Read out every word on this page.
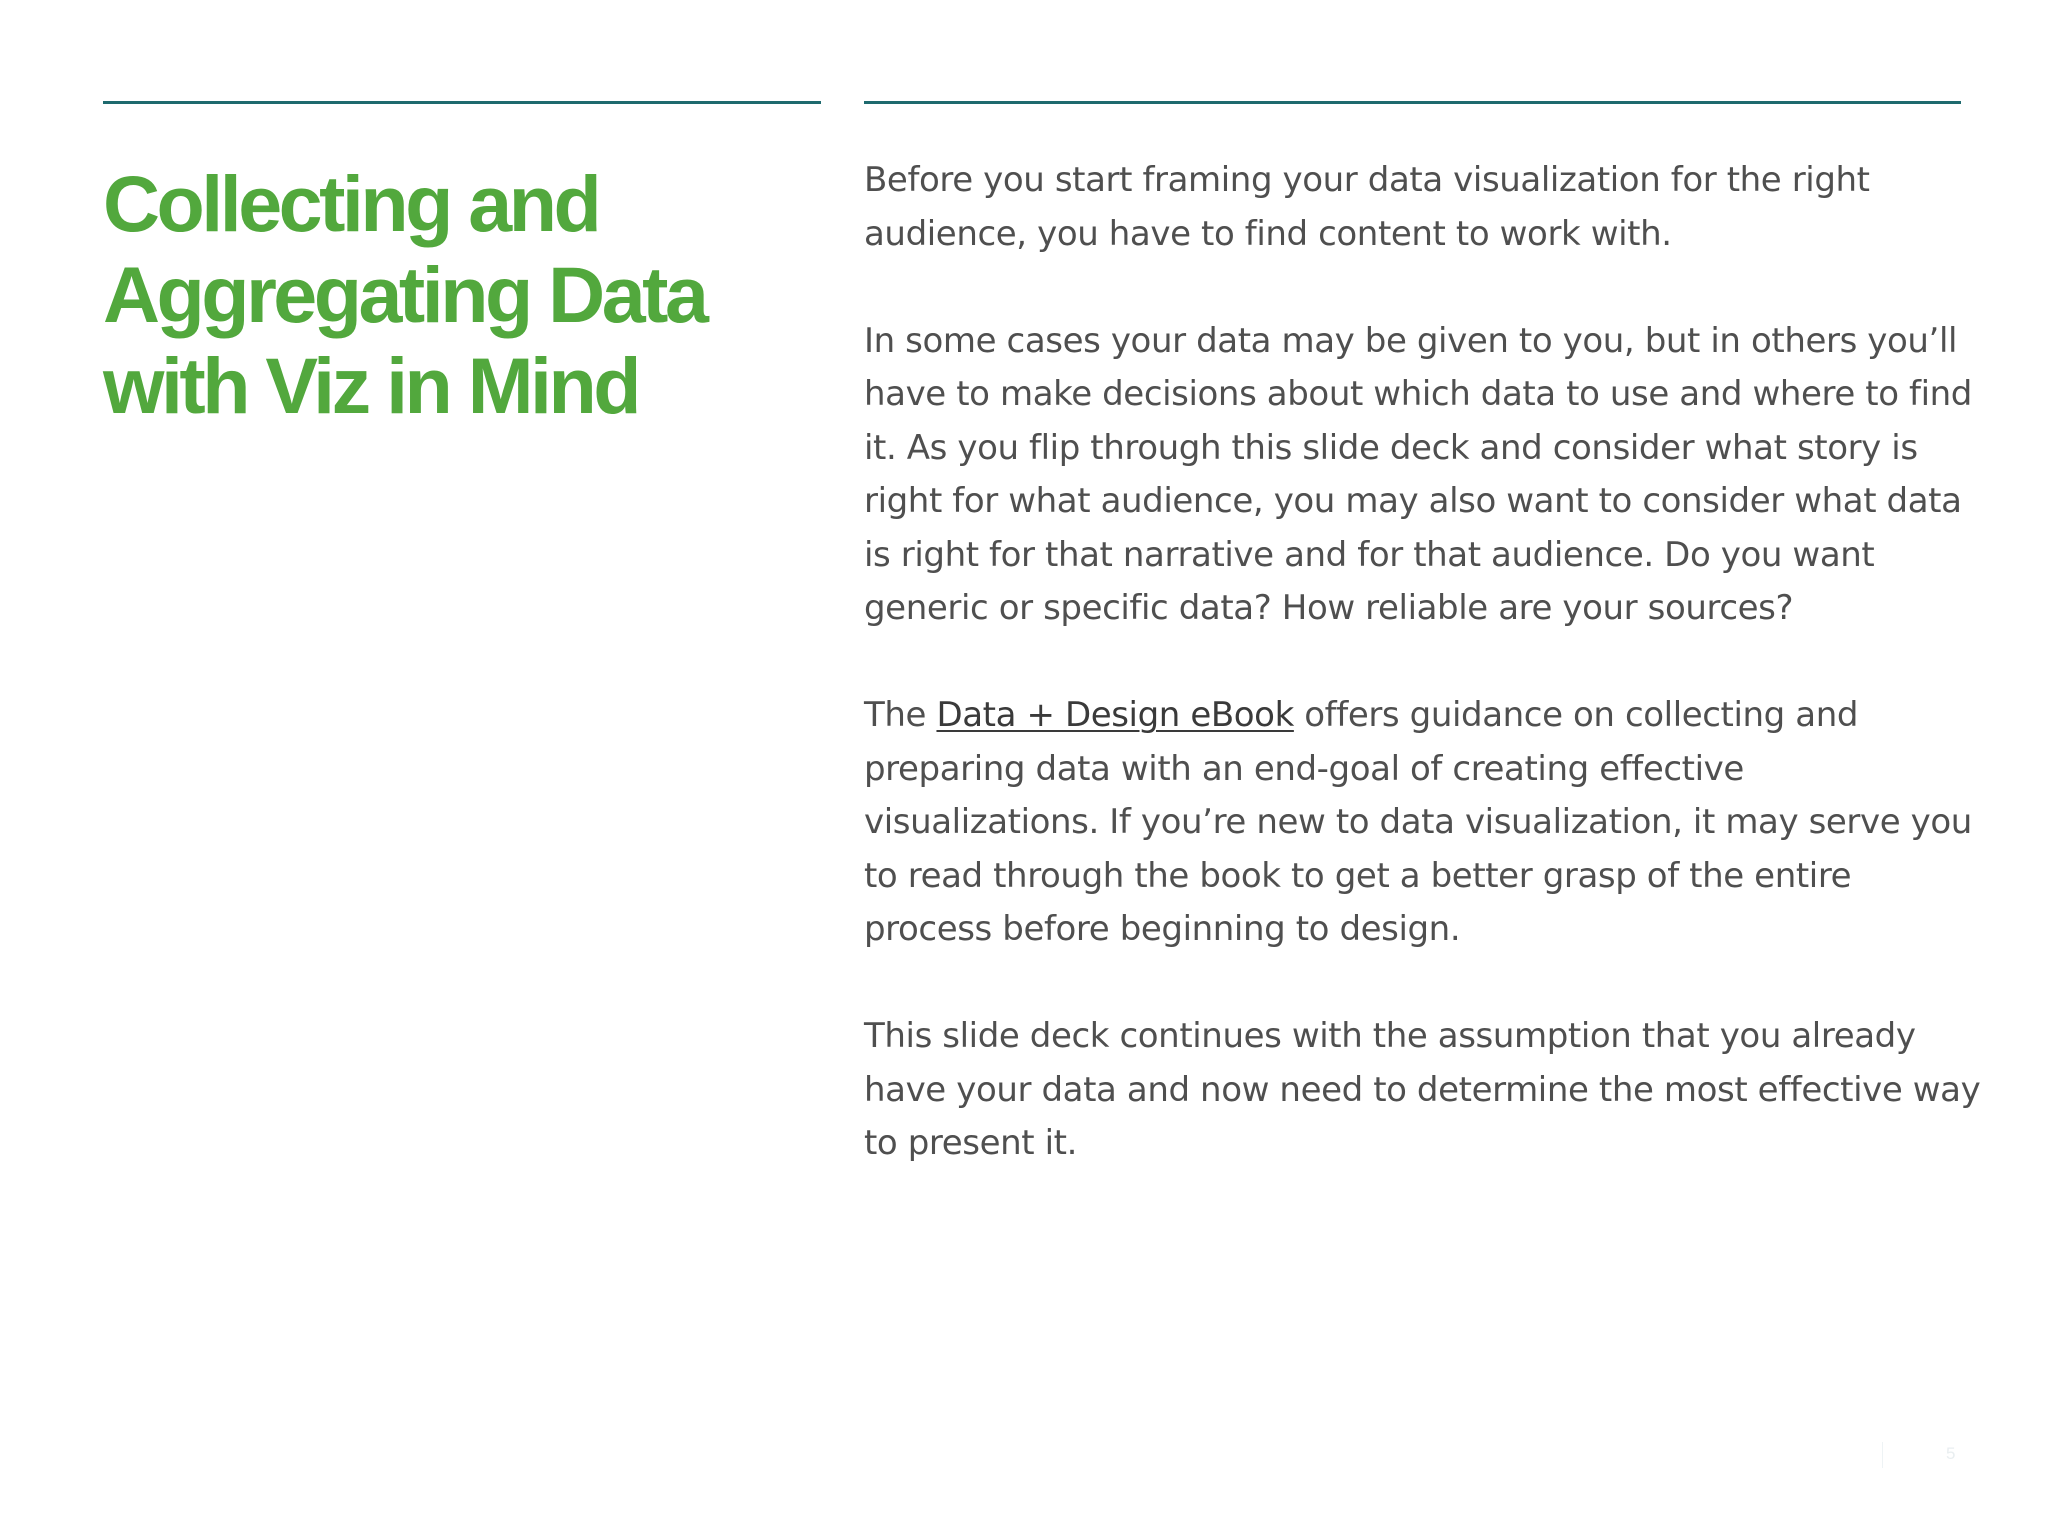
Collecting and
Aggregating Data
with Viz in Mind

Before you start framing your data visualization for the right
audience, you have to find content to work with.

In some cases your data may be given to you, but in others you’ll
have to make decisions about which data to use and where to find
it. As you flip through this slide deck and consider what story is
right for what audience, you may also want to consider what data
is right for that narrative and for that audience. Do you want
generic or specific data? How reliable are your sources?

The Data + Design eBook offers guidance on collecting and
preparing data with an end-goal of creating effective
visualizations. If you’re new to data visualization, it may serve you
to read through the book to get a better grasp of the entire
process before beginning to design.

This slide deck continues with the assumption that you already
have your data and now need to determine the most effective way
to present it.

5
